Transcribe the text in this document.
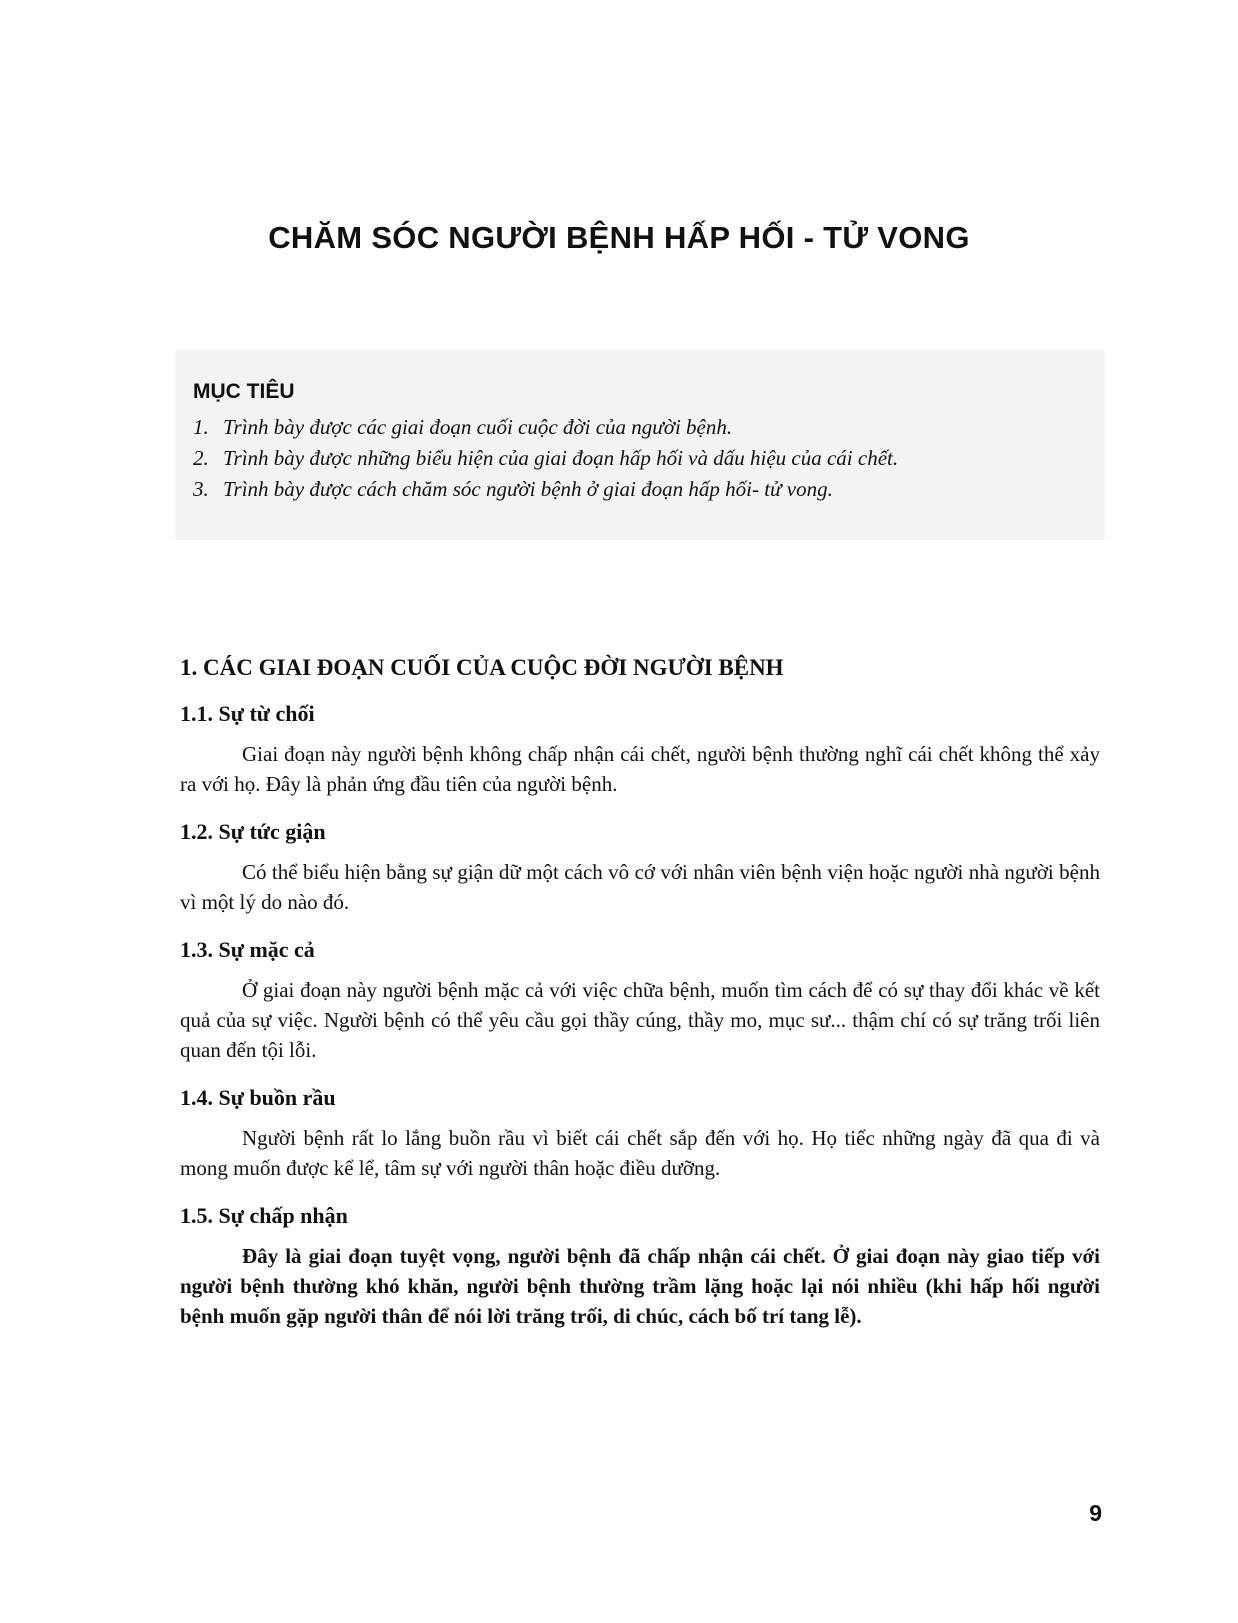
CHĂM SÓC NGƯỜI BỆNH HẤP HỐI - TỬ VONG
MỤC TIÊU
1. Trình bày được các giai đoạn cuối cuộc đời của người bệnh.
2. Trình bày được những biểu hiện của giai đoạn hấp hối và dấu hiệu của cái chết.
3. Trình bày được cách chăm sóc người bệnh ở giai đoạn hấp hối- tử vong.
1. CÁC GIAI ĐOẠN CUỐI CỦA CUỘC ĐỜI NGƯỜI BỆNH
1.1. Sự từ chối

Giai đoạn này người bệnh không chấp nhận cái chết, người bệnh thường nghĩ cái chết không thể xảy ra với họ. Đây là phản ứng đầu tiên của người bệnh.

1.2. Sự tức giận

Có thể biểu hiện bằng sự giận dữ một cách vô cớ với nhân viên bệnh viện hoặc người nhà người bệnh vì một lý do nào đó.

1.3. Sự mặc cả

Ở giai đoạn này người bệnh mặc cả với việc chữa bệnh, muốn tìm cách để có sự thay đổi khác về kết quả của sự việc. Người bệnh có thể yêu cầu gọi thầy cúng, thầy mo, mục sư... thậm chí có sự trăng trối liên quan đến tội lỗi.

1.4. Sự buồn rầu

Người bệnh rất lo lắng buồn rầu vì biết cái chết sắp đến với họ. Họ tiếc những ngày đã qua đi và mong muốn được kể lể, tâm sự với người thân hoặc điều dưỡng.

1.5. Sự chấp nhận

Đây là giai đoạn tuyệt vọng, người bệnh đã chấp nhận cái chết. Ở giai đoạn này giao tiếp với người bệnh thường khó khăn, người bệnh thường trầm lặng hoặc lại nói nhiều (khi hấp hối người bệnh muốn gặp người thân để nói lời trăng trối, di chúc, cách bố trí tang lễ).

9
